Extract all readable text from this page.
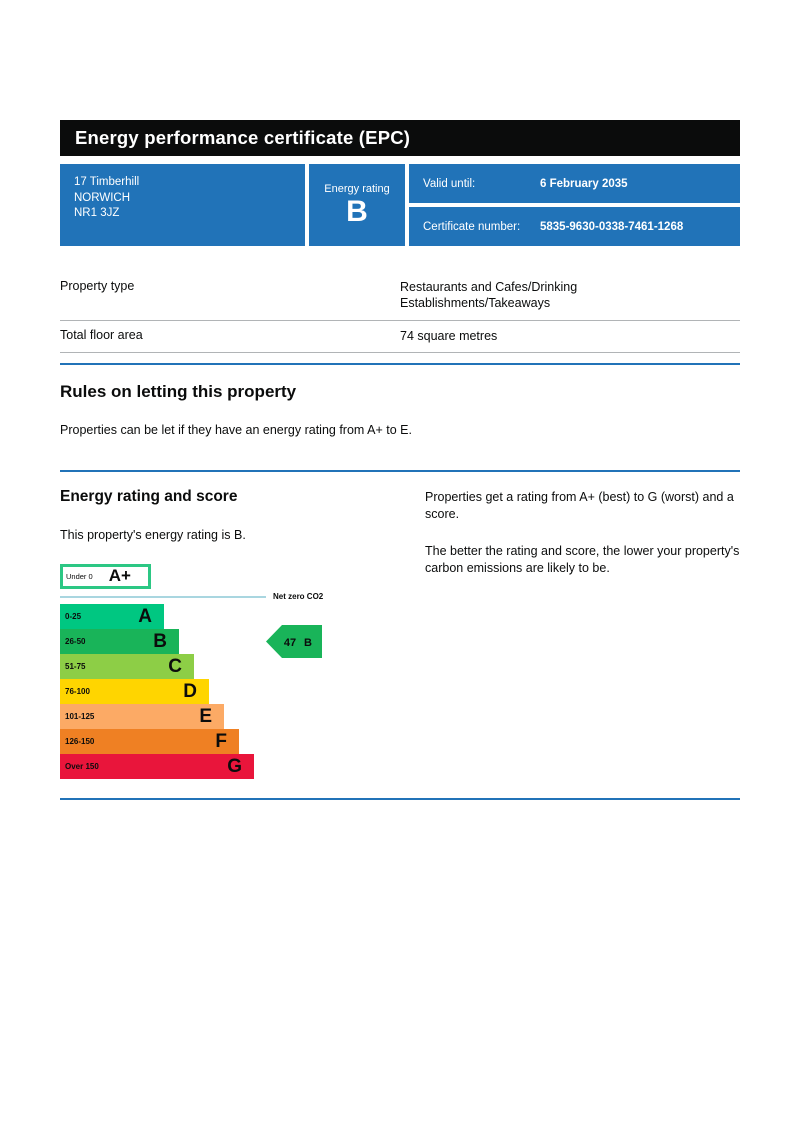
Energy performance certificate (EPC)
17 Timberhill
NORWICH
NR1 3JZ
Energy rating
B
Valid until:	6 February 2035
Certificate number:	5835-9630-0338-7461-1268
Property type	Restaurants and Cafes/Drinking Establishments/Takeaways
Total floor area	74 square metres
Rules on letting this property

Properties can be let if they have an energy rating from A+ to E.

Energy rating and score

This property's energy rating is B.

Under 0 A+
Net zero CO2
0-25	A
26-50	B
51-75	C
76-100	D
101-125	E
126-150	F
Over 150	G
47 B

Properties get a rating from A+ (best) to G (worst) and a score.

The better the rating and score, the lower your property's carbon emissions are likely to be.
